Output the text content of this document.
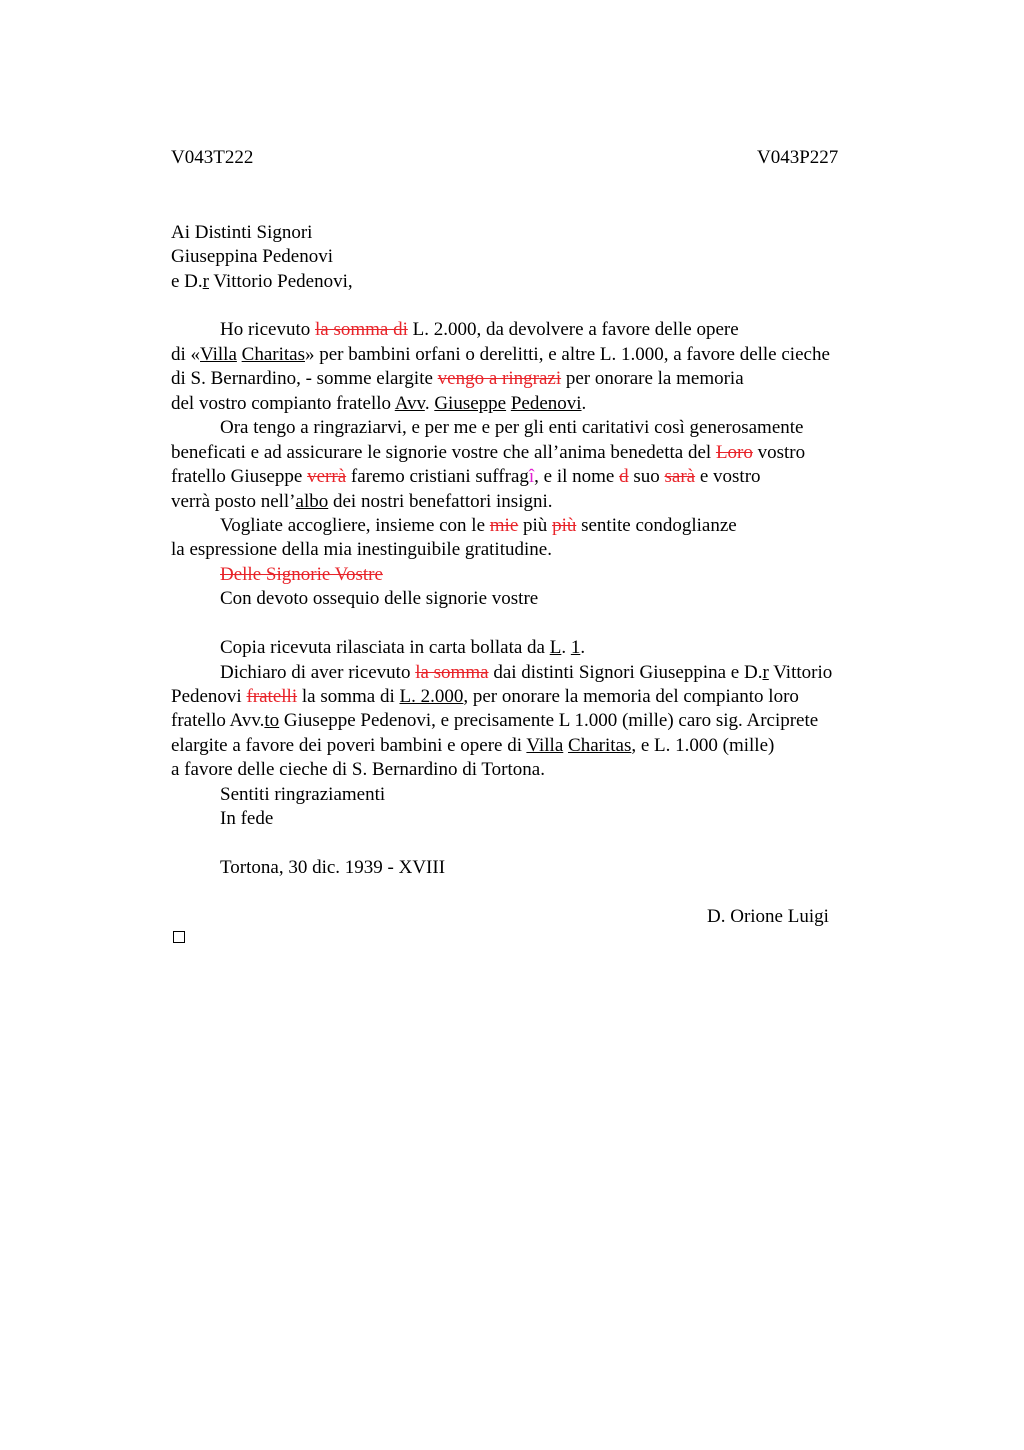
V043T222	V043P227
Ai Distinti Signori
Giuseppina Pedenovi
e D.r Vittorio Pedenovi,
Ho ricevuto la somma di L. 2.000, da devolvere a favore delle opere
di «Villa Charitas» per bambini orfani o derelitti, e altre L. 1.000, a favore delle cieche
di S. Bernardino, - somme elargite vengo a ringrazi per onorare la memoria
del vostro compianto fratello Avv. Giuseppe Pedenovi.
Ora tengo a ringraziarvi, e per me e per gli enti caritativi così generosamente
beneficati e ad assicurare le signorie vostre che all’anima benedetta del Loro vostro
fratello Giuseppe verrà faremo cristiani suffragî, e il nome d suo sarà e vostro
verrà posto nell’albo dei nostri benefattori insigni.
Vogliate accogliere, insieme con le mie più più sentite condoglianze
la espressione della mia inestinguibile gratitudine.
Delle Signorie Vostre
Con devoto ossequio delle signorie vostre
Copia ricevuta rilasciata in carta bollata da L. 1.
Dichiaro di aver ricevuto la somma dai distinti Signori Giuseppina e D.r Vittorio
Pedenovi fratelli la somma di L. 2.000, per onorare la memoria del compianto loro
fratello Avv.to Giuseppe Pedenovi, e precisamente L 1.000 (mille) caro sig. Arciprete
elargite a favore dei poveri bambini e opere di Villa Charitas, e L. 1.000 (mille)
a favore delle cieche di S. Bernardino di Tortona.
Sentiti ringraziamenti
In fede
Tortona, 30 dic. 1939 - XVIII
D. Orione Luigi
